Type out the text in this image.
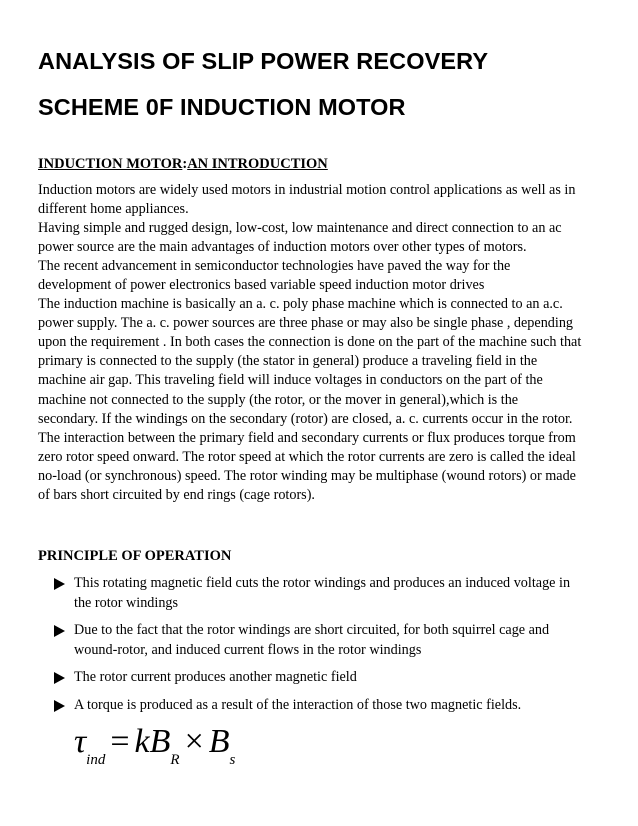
ANALYSIS OF SLIP POWER RECOVERY
SCHEME 0F INDUCTION MOTOR
INDUCTION MOTOR:AN INTRODUCTION
Induction motors are widely used motors in industrial motion control applications as well as in
different home appliances.
Having simple and rugged design, low-cost, low maintenance and direct connection to an ac
power source are the main advantages of induction motors over other types of motors.
The recent advancement in semiconductor technologies have paved the way for the
development of power electronics based variable speed induction motor drives
The induction machine is basically an a. c. poly phase machine which is connected to an a.c.
power supply. The a. c. power sources are three phase or may also be single phase , depending
upon the requirement . In both cases the connection is done on the part of the machine such that
primary is connected to the supply (the stator in general) produce a traveling field in the
machine air gap. This traveling field will induce voltages in conductors on the part of the
machine not connected to the supply (the rotor, or the mover in general),which is the
secondary. If the windings on the secondary (rotor) are closed, a. c. currents occur in the rotor.
The interaction between the primary field and secondary currents or flux produces torque from
zero rotor speed onward. The rotor speed at which the rotor currents are zero is called the ideal
no-load (or synchronous) speed. The rotor winding may be multiphase (wound rotors) or made
of bars short circuited by end rings (cage rotors).
PRINCIPLE OF OPERATION
This rotating magnetic field cuts the rotor windings and produces an induced voltage in
the rotor windings
Due to the fact that the rotor windings are short circuited, for both squirrel cage and
wound-rotor, and induced current flows in the rotor windings
The rotor current produces another magnetic field
A torque is produced as a result of the interaction of those two magnetic fields.
$\tau_{ind} = kB_R \times B_s$
